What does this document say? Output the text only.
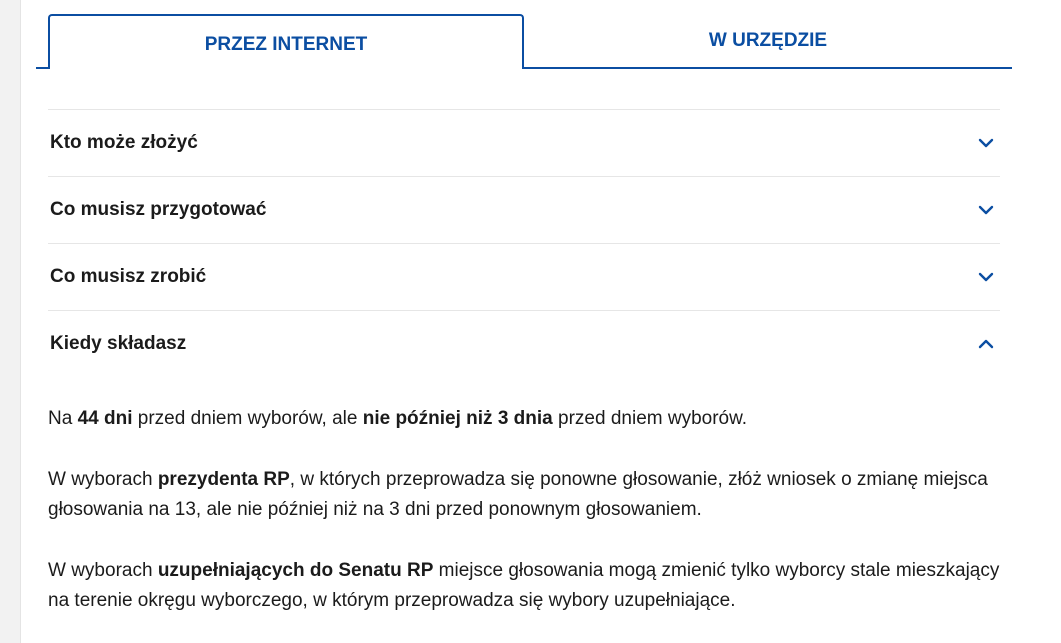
PRZEZ INTERNET	W URZĘDZIE
Kto może złożyć
Co musisz przygotować
Co musisz zrobić
Kiedy składasz

Na 44 dni przed dniem wyborów, ale nie później niż 3 dnia przed dniem wyborów.

W wyborach prezydenta RP, w których przeprowadza się ponowne głosowanie, złóż wniosek o zmianę miejsca głosowania na 13, ale nie później niż na 3 dni przed ponownym głosowaniem.

W wyborach uzupełniających do Senatu RP miejsce głosowania mogą zmienić tylko wyborcy stale mieszkający na terenie okręgu wyborczego, w którym przeprowadza się wybory uzupełniające.
